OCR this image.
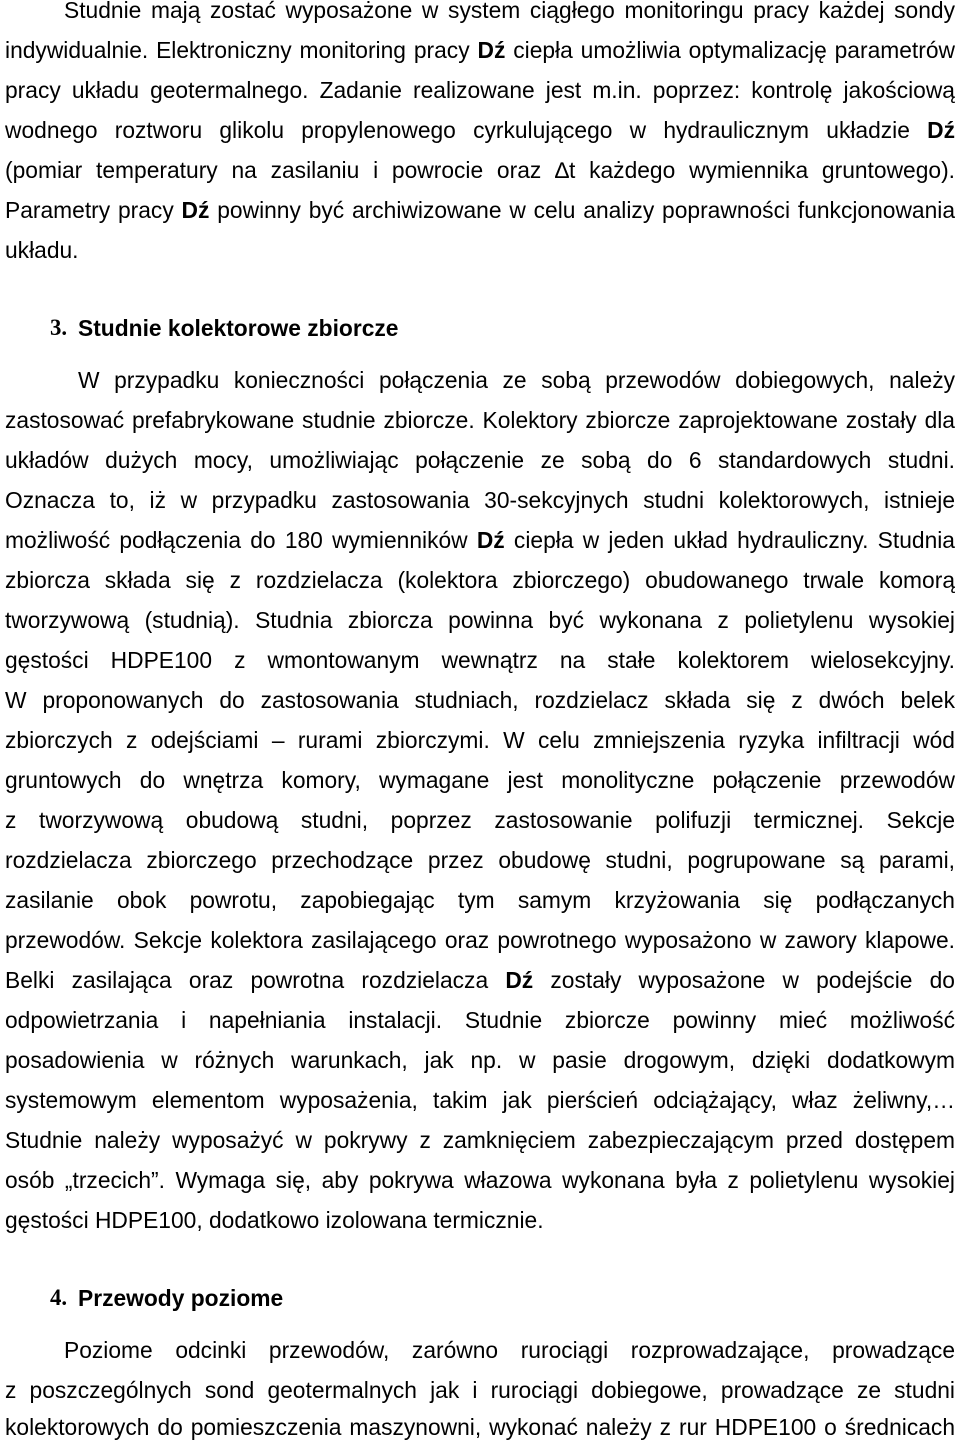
Studnie mają zostać wyposażone w system ciągłego monitoringu pracy każdej sondy
indywidualnie. Elektroniczny monitoring pracy Dź ciepła umożliwia optymalizację parametrów
pracy układu geotermalnego. Zadanie realizowane jest m.in. poprzez: kontrolę jakościową
wodnego roztworu glikolu propylenowego cyrkulującego w hydraulicznym układzie Dź
(pomiar temperatury na zasilaniu i powrocie oraz ∆t każdego wymiennika gruntowego).
Parametry pracy Dź powinny być archiwizowane w celu analizy poprawności funkcjonowania
układu.
3. Studnie kolektorowe zbiorcze
W przypadku konieczności połączenia ze sobą przewodów dobiegowych, należy
zastosować prefabrykowane studnie zbiorcze. Kolektory zbiorcze zaprojektowane zostały dla
układów dużych mocy, umożliwiając połączenie ze sobą do 6 standardowych studni.
Oznacza to, iż w przypadku zastosowania 30-sekcyjnych studni kolektorowych, istnieje
możliwość podłączenia do 180 wymienników Dź ciepła w jeden układ hydrauliczny. Studnia
zbiorcza składa się z rozdzielacza (kolektora zbiorczego) obudowanego trwale komorą
tworzywową (studnią). Studnia zbiorcza powinna być wykonana z polietylenu wysokiej
gęstości HDPE100 z wmontowanym wewnątrz na stałe kolektorem wielosekcyjny.
W proponowanych do zastosowania studniach, rozdzielacz składa się z dwóch belek
zbiorczych z odejściami – rurami zbiorczymi. W celu zmniejszenia ryzyka infiltracji wód
gruntowych do wnętrza komory, wymagane jest monolityczne połączenie przewodów
z tworzywową obudową studni, poprzez zastosowanie polifuzji termicznej. Sekcje
rozdzielacza zbiorczego przechodzące przez obudowę studni, pogrupowane są parami,
zasilanie obok powrotu, zapobiegając tym samym krzyżowania się podłączanych
przewodów. Sekcje kolektora zasilającego oraz powrotnego wyposażono w zawory klapowe.
Belki zasilająca oraz powrotna rozdzielacza Dź zostały wyposażone w podejście do
odpowietrzania i napełniania instalacji. Studnie zbiorcze powinny mieć możliwość
posadowienia w różnych warunkach, jak np. w pasie drogowym, dzięki dodatkowym
systemowym elementom wyposażenia, takim jak pierścień odciążający, właz żeliwny,…
Studnie należy wyposażyć w pokrywy z zamknięciem zabezpieczającym przed dostępem
osób „trzecich”. Wymaga się, aby pokrywa włazowa wykonana była z polietylenu wysokiej
gęstości HDPE100, dodatkowo izolowana termicznie.
4. Przewody poziome
Poziome odcinki przewodów, zarówno rurociągi rozprowadzające, prowadzące
z poszczególnych sond geotermalnych jak i rurociągi dobiegowe, prowadzące ze studni
kolektorowych do pomieszczenia maszynowni, wykonać należy z rur HDPE100 o średnicach
